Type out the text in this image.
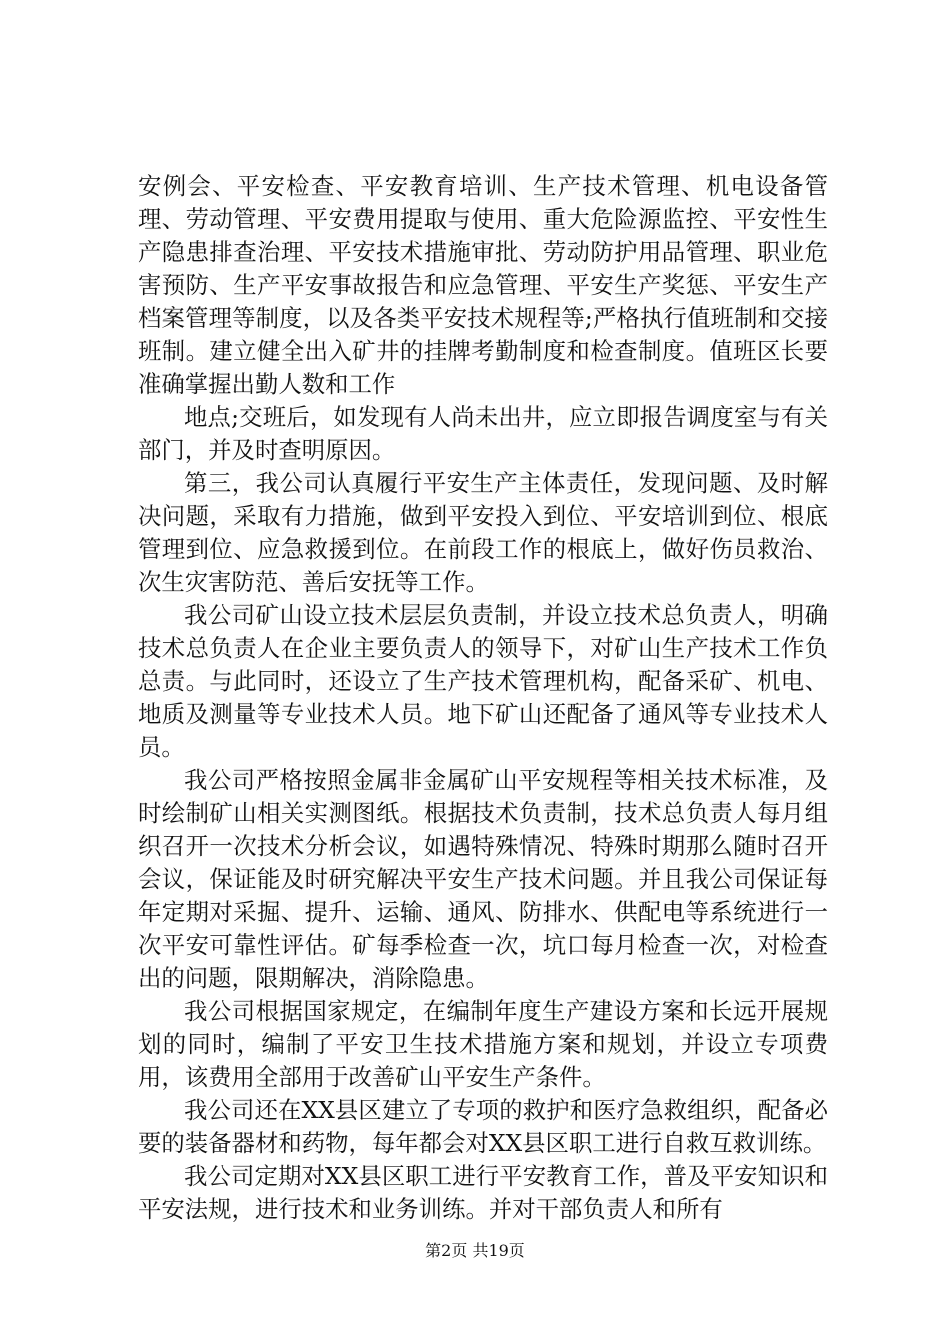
安例会、平安检查、平安教育培训、生产技术管理、机电设备管理、劳动管理、平安费用提取与使用、重大危险源监控、平安性生产隐患排查治理、平安技术措施审批、劳动防护用品管理、职业危害预防、生产平安事故报告和应急管理、平安生产奖惩、平安生产档案管理等制度，以及各类平安技术规程等;严格执行值班制和交接班制。建立健全出入矿井的挂牌考勤制度和检查制度。值班区长要准确掌握出勤人数和工作

地点;交班后，如发现有人尚未出井，应立即报告调度室与有关部门，并及时查明原因。

第三，我公司认真履行平安生产主体责任，发现问题、及时解决问题，采取有力措施，做到平安投入到位、平安培训到位、根底管理到位、应急救援到位。在前段工作的根底上，做好伤员救治、次生灾害防范、善后安抚等工作。

我公司矿山设立技术层层负责制，并设立技术总负责人，明确技术总负责人在企业主要负责人的领导下，对矿山生产技术工作负总责。与此同时，还设立了生产技术管理机构，配备采矿、机电、地质及测量等专业技术人员。地下矿山还配备了通风等专业技术人员。

我公司严格按照金属非金属矿山平安规程等相关技术标准，及时绘制矿山相关实测图纸。根据技术负责制，技术总负责人每月组织召开一次技术分析会议，如遇特殊情况、特殊时期那么随时召开会议，保证能及时研究解决平安生产技术问题。并且我公司保证每年定期对采掘、提升、运输、通风、防排水、供配电等系统进行一次平安可靠性评估。矿每季检查一次，坑口每月检查一次，对检查出的问题，限期解决，消除隐患。

我公司根据国家规定，在编制年度生产建设方案和长远开展规划的同时，编制了平安卫生技术措施方案和规划，并设立专项费用，该费用全部用于改善矿山平安生产条件。

我公司还在XX县区建立了专项的救护和医疗急救组织，配备必要的装备器材和药物，每年都会对XX县区职工进行自救互救训练。

我公司定期对XX县区职工进行平安教育工作，普及平安知识和平安法规，进行技术和业务训练。并对干部负责人和所有

第2页 共19页
